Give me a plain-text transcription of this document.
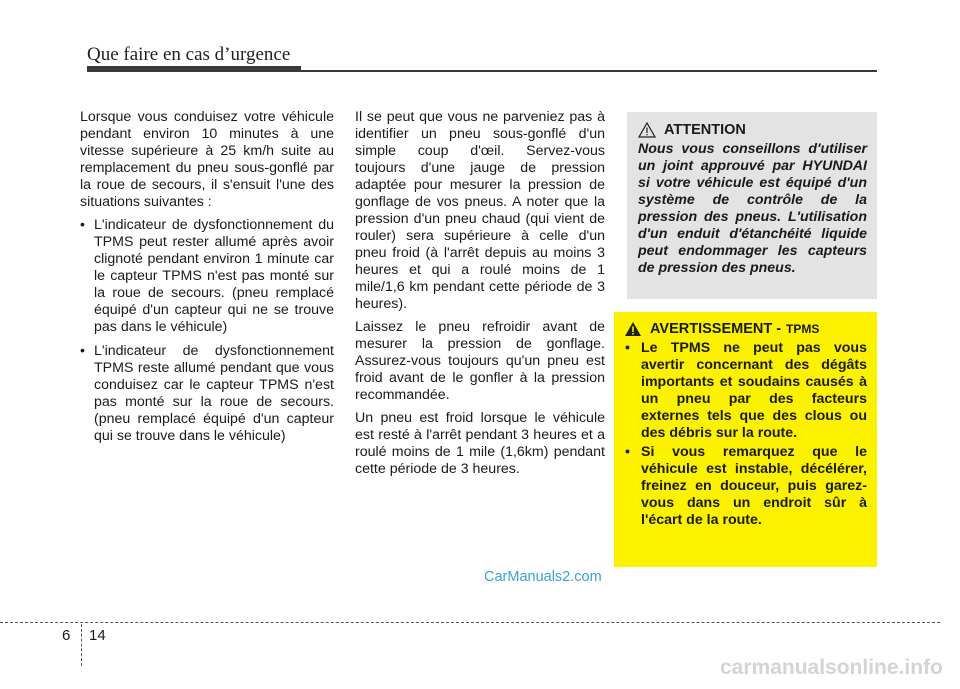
Que faire en cas d’urgence

Lorsque vous conduisez votre véhicule pendant environ 10 minutes à une vitesse supérieure à 25 km/h suite au remplacement du pneu sous-gonflé par la roue de secours, il s'ensuit l'une des situations suivantes :

• L'indicateur de dysfonctionnement du TPMS peut rester allumé après avoir clignoté pendant environ 1 minute car le capteur TPMS n'est pas monté sur la roue de secours. (pneu remplacé équipé d'un capteur qui ne se trouve pas dans le véhicule)
• L'indicateur de dysfonctionnement TPMS reste allumé pendant que vous conduisez car le capteur TPMS n'est pas monté sur la roue de secours. (pneu remplacé équipé d'un capteur qui se trouve dans le véhicule)

Il se peut que vous ne parveniez pas à identifier un pneu sous-gonflé d'un simple coup d'œil. Servez-vous toujours d'une jauge de pression adaptée pour mesurer la pression de gonflage de vos pneus. A noter que la pression d'un pneu chaud (qui vient de rouler) sera supérieure à celle d'un pneu froid (à l'arrêt depuis au moins 3 heures et qui a roulé moins de 1 mile/1,6 km pendant cette période de 3 heures).

Laissez le pneu refroidir avant de mesurer la pression de gonflage. Assurez-vous toujours qu'un pneu est froid avant de le gonfler à la pression recommandée.

Un pneu est froid lorsque le véhicule est resté à l'arrêt pendant 3 heures et a roulé moins de 1 mile (1,6km) pendant cette période de 3 heures.

ATTENTION
Nous vous conseillons d'utiliser un joint approuvé par HYUNDAI si votre véhicule est équipé d'un système de contrôle de la pression des pneus. L'utilisation d'un enduit d'étanchéité liquide peut endommager les capteurs de pression des pneus.
AVERTISSEMENT - TPMS
• Le TPMS ne peut pas vous avertir concernant des dégâts importants et soudains causés à un pneu par des facteurs externes tels que des clous ou des débris sur la route.
• Si vous remarquez que le véhicule est instable, décélérer, freinez en douceur, puis garez-vous dans un endroit sûr à l'écart de la route.
CarManuals2.com
6 14
carmanualsonline.info
